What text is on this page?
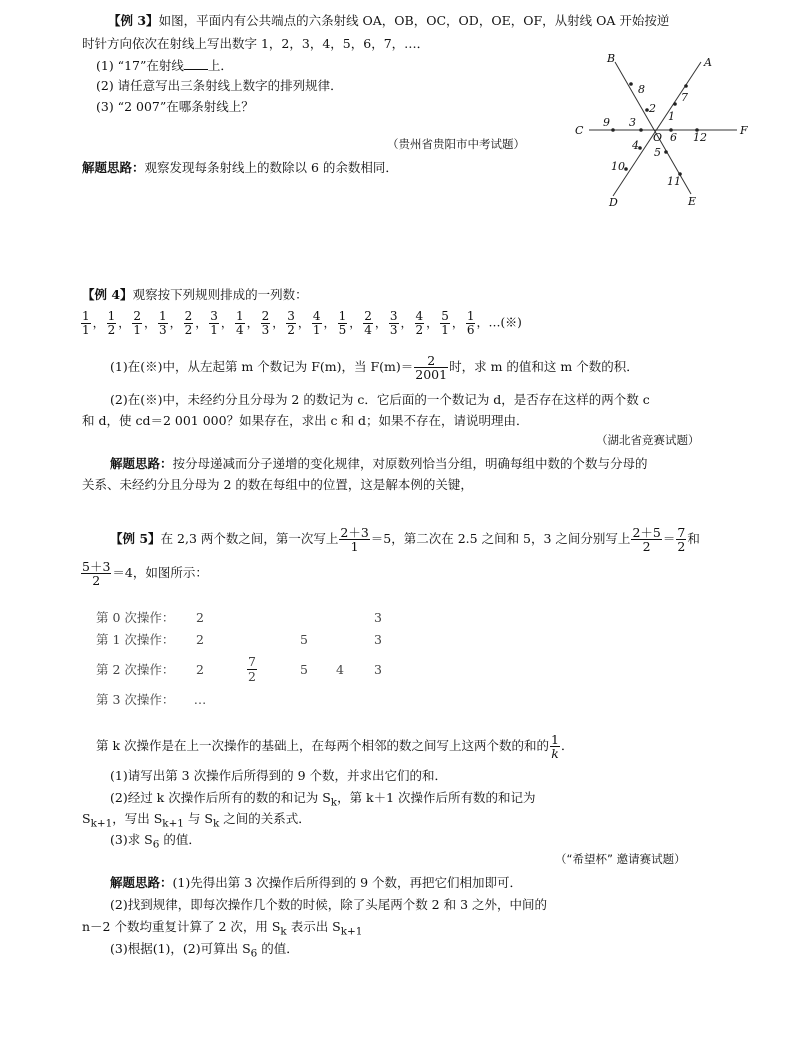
【例 3】如图，平面内有公共端点的六条射线 OA，OB，OC，OD，OE，OF，从射线 OA 开始按逆
时针方向依次在射线上写出数字 1，2，3，4，5，6，7，…．
(1) “17”在射线 上．
(2) 请任意写出三条射线上数字的排列规律．
(3) “2 007”在哪条射线上？
（贵州省贵阳市中考试题）
解题思路：观察发现每条射线上的数除以 6 的余数相同．
A
B
C
D	E
F
O
1
2
3
4
5
6
7
8
9
10
11
12
【例 4】观察按下列规则排成的一列数：
$\frac{1}{1}$ ， $\frac{1}{2}$ ， $\frac{2}{1}$ ， $\frac{1}{3}$ ， $\frac{2}{2}$ ， $\frac{3}{1}$ ， $\frac{1}{4}$ ， $\frac{2}{3}$ ， $\frac{3}{2}$ ， $\frac{4}{1}$ ， $\frac{1}{5}$ ， $\frac{2}{4}$ ， $\frac{3}{3}$ ， $\frac{4}{2}$ ， $\frac{5}{1}$ ， $\frac{1}{6}$ ，…(※)
(1)在(※)中，从左起第 m 个数记为 F(m)，当 $F(m)= \frac{2}{2001}$ 时，求 m 的值和这 m 个数的积．
(2)在(※)中，未经约分且分母为 2 的数记为 c．它后面的一个数记为 d，是否存在这样的两个数 c
和 d，使 cd＝2 001 000？如果存在，求出 c 和 d；如果不存在，请说明理由．
（湖北省竞赛试题）
解题思路：按分母递减而分子递增的变化规律，对原数列恰当分组，明确每组中数的个数与分母的
关系、未经约分且分母为 2 的数在每组中的位置，这是解本例的关键，
【例 5】在 2,3 两个数之间，第一次写上 $\frac{2+3}{1} =5$，第二次在 2.5 之间和 5，3 之间分别写上 $\frac{2+5}{2} = \frac{7}{2}$ 和
$\frac{5+3}{2} =4$，如图所示：
第 0 次操作：	2				3
第 1 次操作：	2		5		3
第 2 次操作：	2	$\frac{7}{2}$	5	4	3
第 3 次操作：	…				
第 k 次操作是在上一次操作的基础上，在每两个相邻的数之间写上这两个数的和的 $\frac{1}{k}$ ．
(1)请写出第 3 次操作后所得到的 9 个数，并求出它们的和．
(2)经过 k 次操作后所有的数的和记为 $S_k$，第 k＋1 次操作后所有数的和记为
$S_{k+1}$，写出 $S_{k+1}$ 与 $S_k$ 之间的关系式．
(3)求 $S_6$ 的值．
（“希望杯” 邀请赛试题）
解题思路：(1)先得出第 3 次操作后所得到的 9 个数，再把它们相加即可．
(2)找到规律，即每次操作几个数的时候，除了头尾两个数 2 和 3 之外，中间的
n－2 个数均重复计算了 2 次，用 $S_k$ 表示出 $S_{k+1}$
(3)根据(1)，(2)可算出 $S_6$ 的值．
